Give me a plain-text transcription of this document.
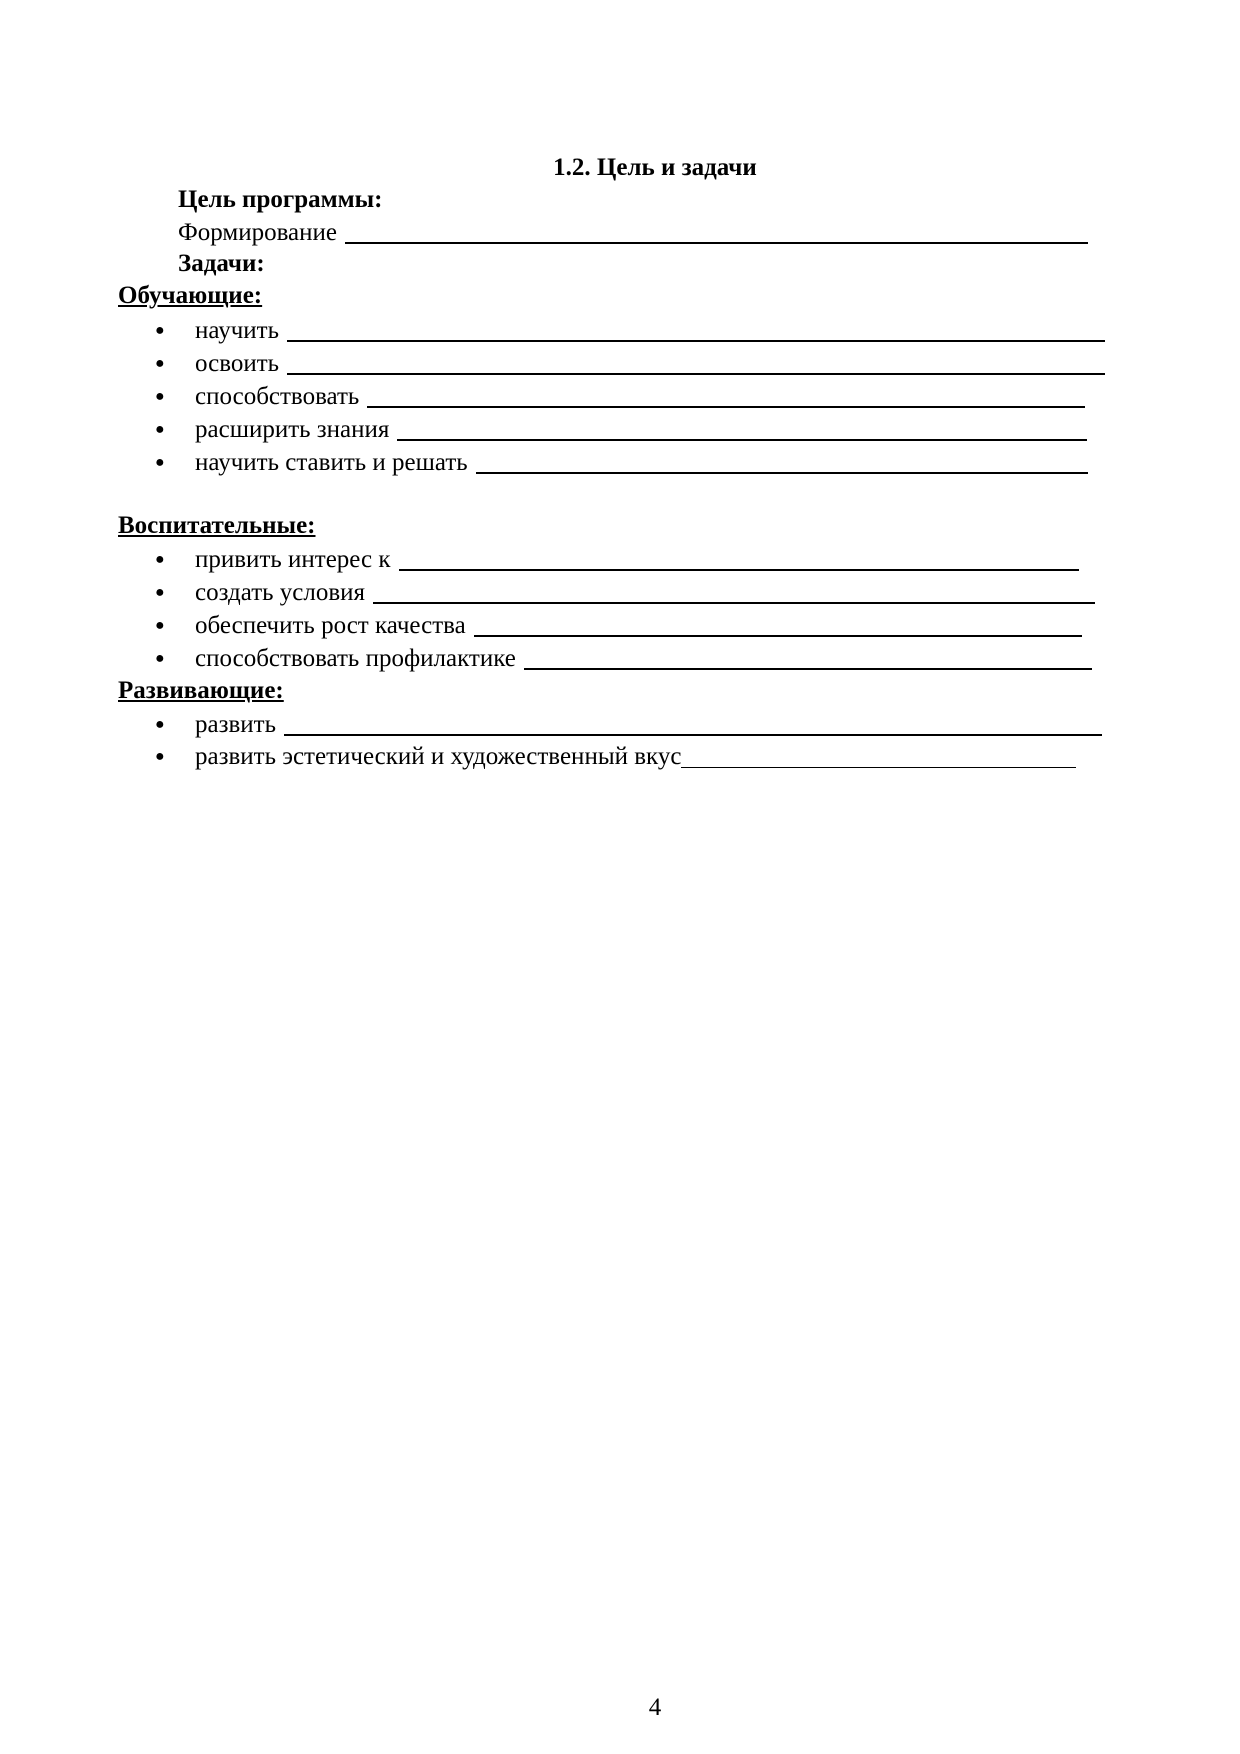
1.2. Цель и задачи
Цель программы:
Формирование
Задачи:
Обучающие:
●	научить
●	освоить
●	способствовать
●	расширить знания
●	научить ставить и решать
Воспитательные:
●	привить интерес к
●	создать условия
●	обеспечить рост качества
●	способствовать профилактике
Развивающие:
●	развить
●	развить эстетический и художественный вкус
4
